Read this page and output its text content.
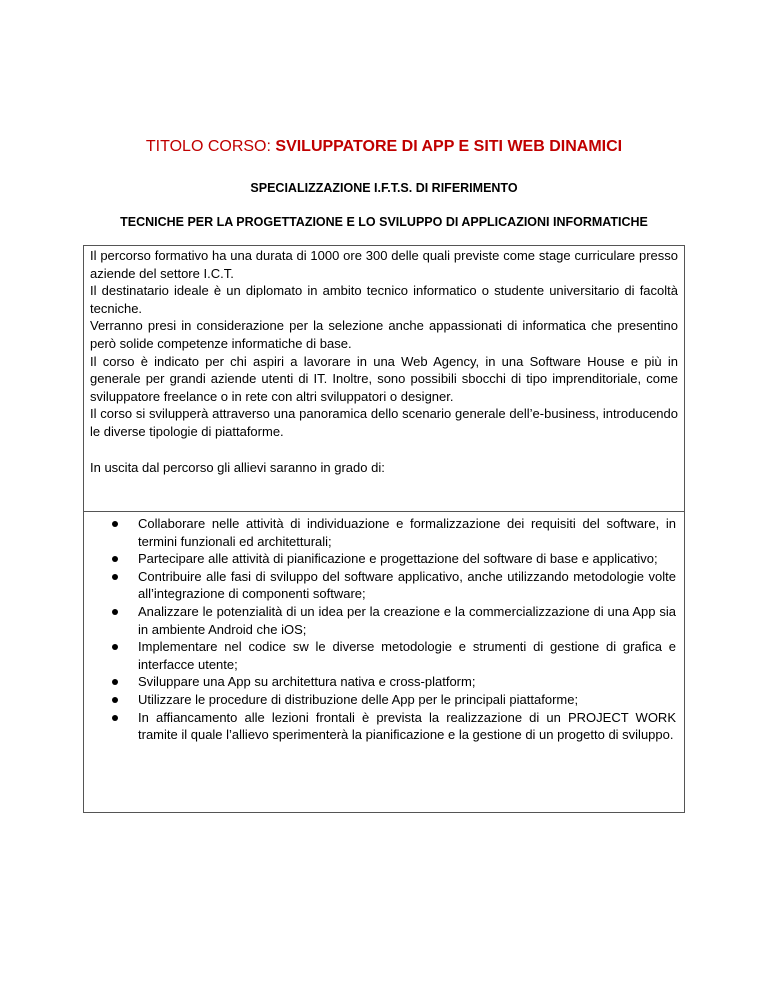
TITOLO CORSO: SVILUPPATORE DI APP E SITI WEB DINAMICI
SPECIALIZZAZIONE I.F.T.S. DI RIFERIMENTO
TECNICHE PER LA PROGETTAZIONE E LO SVILUPPO DI APPLICAZIONI INFORMATICHE

Il percorso formativo ha una durata di 1000 ore 300 delle quali previste come stage curriculare presso aziende del settore I.C.T.

Il destinatario ideale è un diplomato in ambito tecnico informatico o studente universitario di facoltà tecniche.

Verranno presi in considerazione per la selezione anche appassionati di informatica che presentino però solide competenze informatiche di base.

Il corso è indicato per chi aspiri a lavorare in una Web Agency, in una Software House e più in generale per grandi aziende utenti di IT. Inoltre, sono possibili sbocchi di tipo imprenditoriale, come sviluppatore freelance o in rete con altri sviluppatori o designer.

Il corso si svilupperà attraverso una panoramica dello scenario generale dell’e-business, introducendo le diverse tipologie di piattaforme.

In uscita dal percorso gli allievi saranno in grado di:

Collaborare nelle attività di individuazione e formalizzazione dei requisiti del software, in termini funzionali ed architetturali;
Partecipare alle attività di pianificazione e progettazione del software di base e applicativo;
Contribuire alle fasi di sviluppo del software applicativo, anche utilizzando metodologie volte all’integrazione di componenti software;
Analizzare le potenzialità di un idea per la creazione e la commercializzazione di una App sia in ambiente Android che iOS;
Implementare nel codice sw le diverse metodologie e strumenti di gestione di grafica e interfacce utente;
Sviluppare una App su architettura nativa e cross-platform;
Utilizzare le procedure di distribuzione delle App per le principali piattaforme;
In affiancamento alle lezioni frontali è prevista la realizzazione di un PROJECT WORK tramite il quale l’allievo sperimenterà la pianificazione e la gestione di un progetto di sviluppo.
